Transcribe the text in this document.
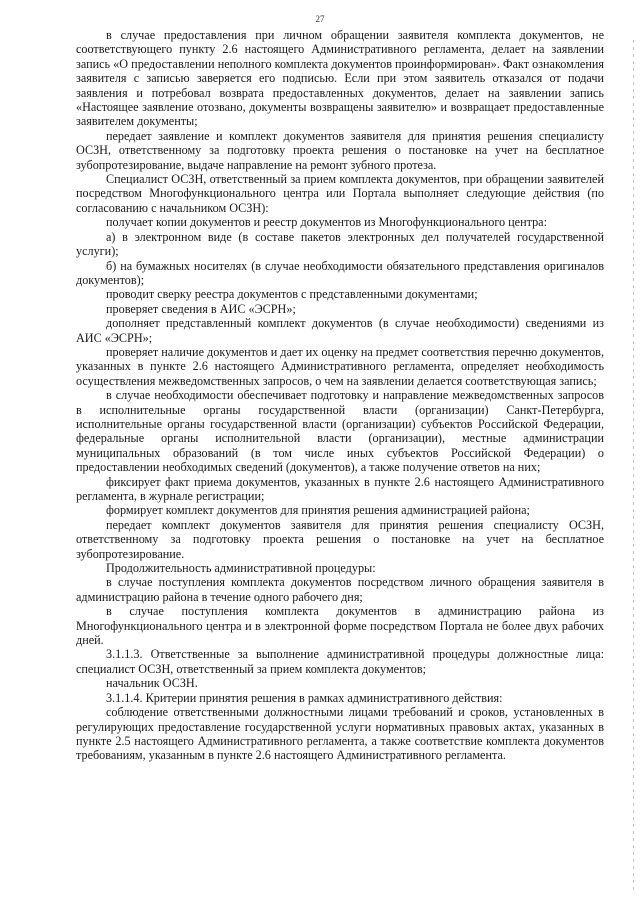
27

в случае предоставления при личном обращении заявителя комплекта документов, не соответствующего пункту 2.6 настоящего Административного регламента, делает на заявлении запись «О предоставлении неполного комплекта документов проинформирован». Факт ознакомления заявителя с записью заверяется его подписью. Если при этом заявитель отказался от подачи заявления и потребовал возврата предоставленных документов, делает на заявлении запись «Настоящее заявление отозвано, документы возвращены заявителю» и возвращает предоставленные заявителем документы;

передает заявление и комплект документов заявителя для принятия решения специалисту ОСЗН, ответственному за подготовку проекта решения о постановке на учет на бесплатное зубопротезирование, выдаче направление на ремонт зубного протеза.

Специалист ОСЗН, ответственный за прием комплекта документов, при обращении заявителей посредством Многофункционального центра или Портала выполняет следующие действия (по согласованию с начальником ОСЗН):

получает копии документов и реестр документов из Многофункционального центра:

а) в электронном виде (в составе пакетов электронных дел получателей государственной услуги);

б) на бумажных носителях (в случае необходимости обязательного представления оригиналов документов);

проводит сверку реестра документов с представленными документами;

проверяет сведения в АИС «ЭСРН»;

дополняет представленный комплект документов (в случае необходимости) сведениями из АИС «ЭСРН»;

проверяет наличие документов и дает их оценку на предмет соответствия перечню документов, указанных в пункте 2.6 настоящего Административного регламента, определяет необходимость осуществления межведомственных запросов, о чем на заявлении делается соответствующая запись;

в случае необходимости обеспечивает подготовку и направление межведомственных запросов в исполнительные органы государственной власти (организации) Санкт-Петербурга, исполнительные органы государственной власти (организации) субъектов Российской Федерации, федеральные органы исполнительной власти (организации), местные администрации муниципальных образований (в том числе иных субъектов Российской Федерации) о предоставлении необходимых сведений (документов), а также получение ответов на них;

фиксирует факт приема документов, указанных в пункте 2.6 настоящего Административного регламента, в журнале регистрации;

формирует комплект документов для принятия решения администрацией района;

передает комплект документов заявителя для принятия решения специалисту ОСЗН, ответственному за подготовку проекта решения о постановке на учет на бесплатное зубопротезирование.

Продолжительность административной процедуры:

в случае поступления комплекта документов посредством личного обращения заявителя в администрацию района в течение одного рабочего дня;

в случае поступления комплекта документов в администрацию района из Многофункционального центра и в электронной форме посредством Портала не более двух рабочих дней.

3.1.1.3. Ответственные за выполнение административной процедуры должностные лица: специалист ОСЗН, ответственный за прием комплекта документов;

начальник ОСЗН.

3.1.1.4. Критерии принятия решения в рамках административного действия:

соблюдение ответственными должностными лицами требований и сроков, установленных в регулирующих предоставление государственной услуги нормативных правовых актах, указанных в пункте 2.5 настоящего Административного регламента, а также соответствие комплекта документов требованиям, указанным в пункте 2.6 настоящего Административного регламента.
